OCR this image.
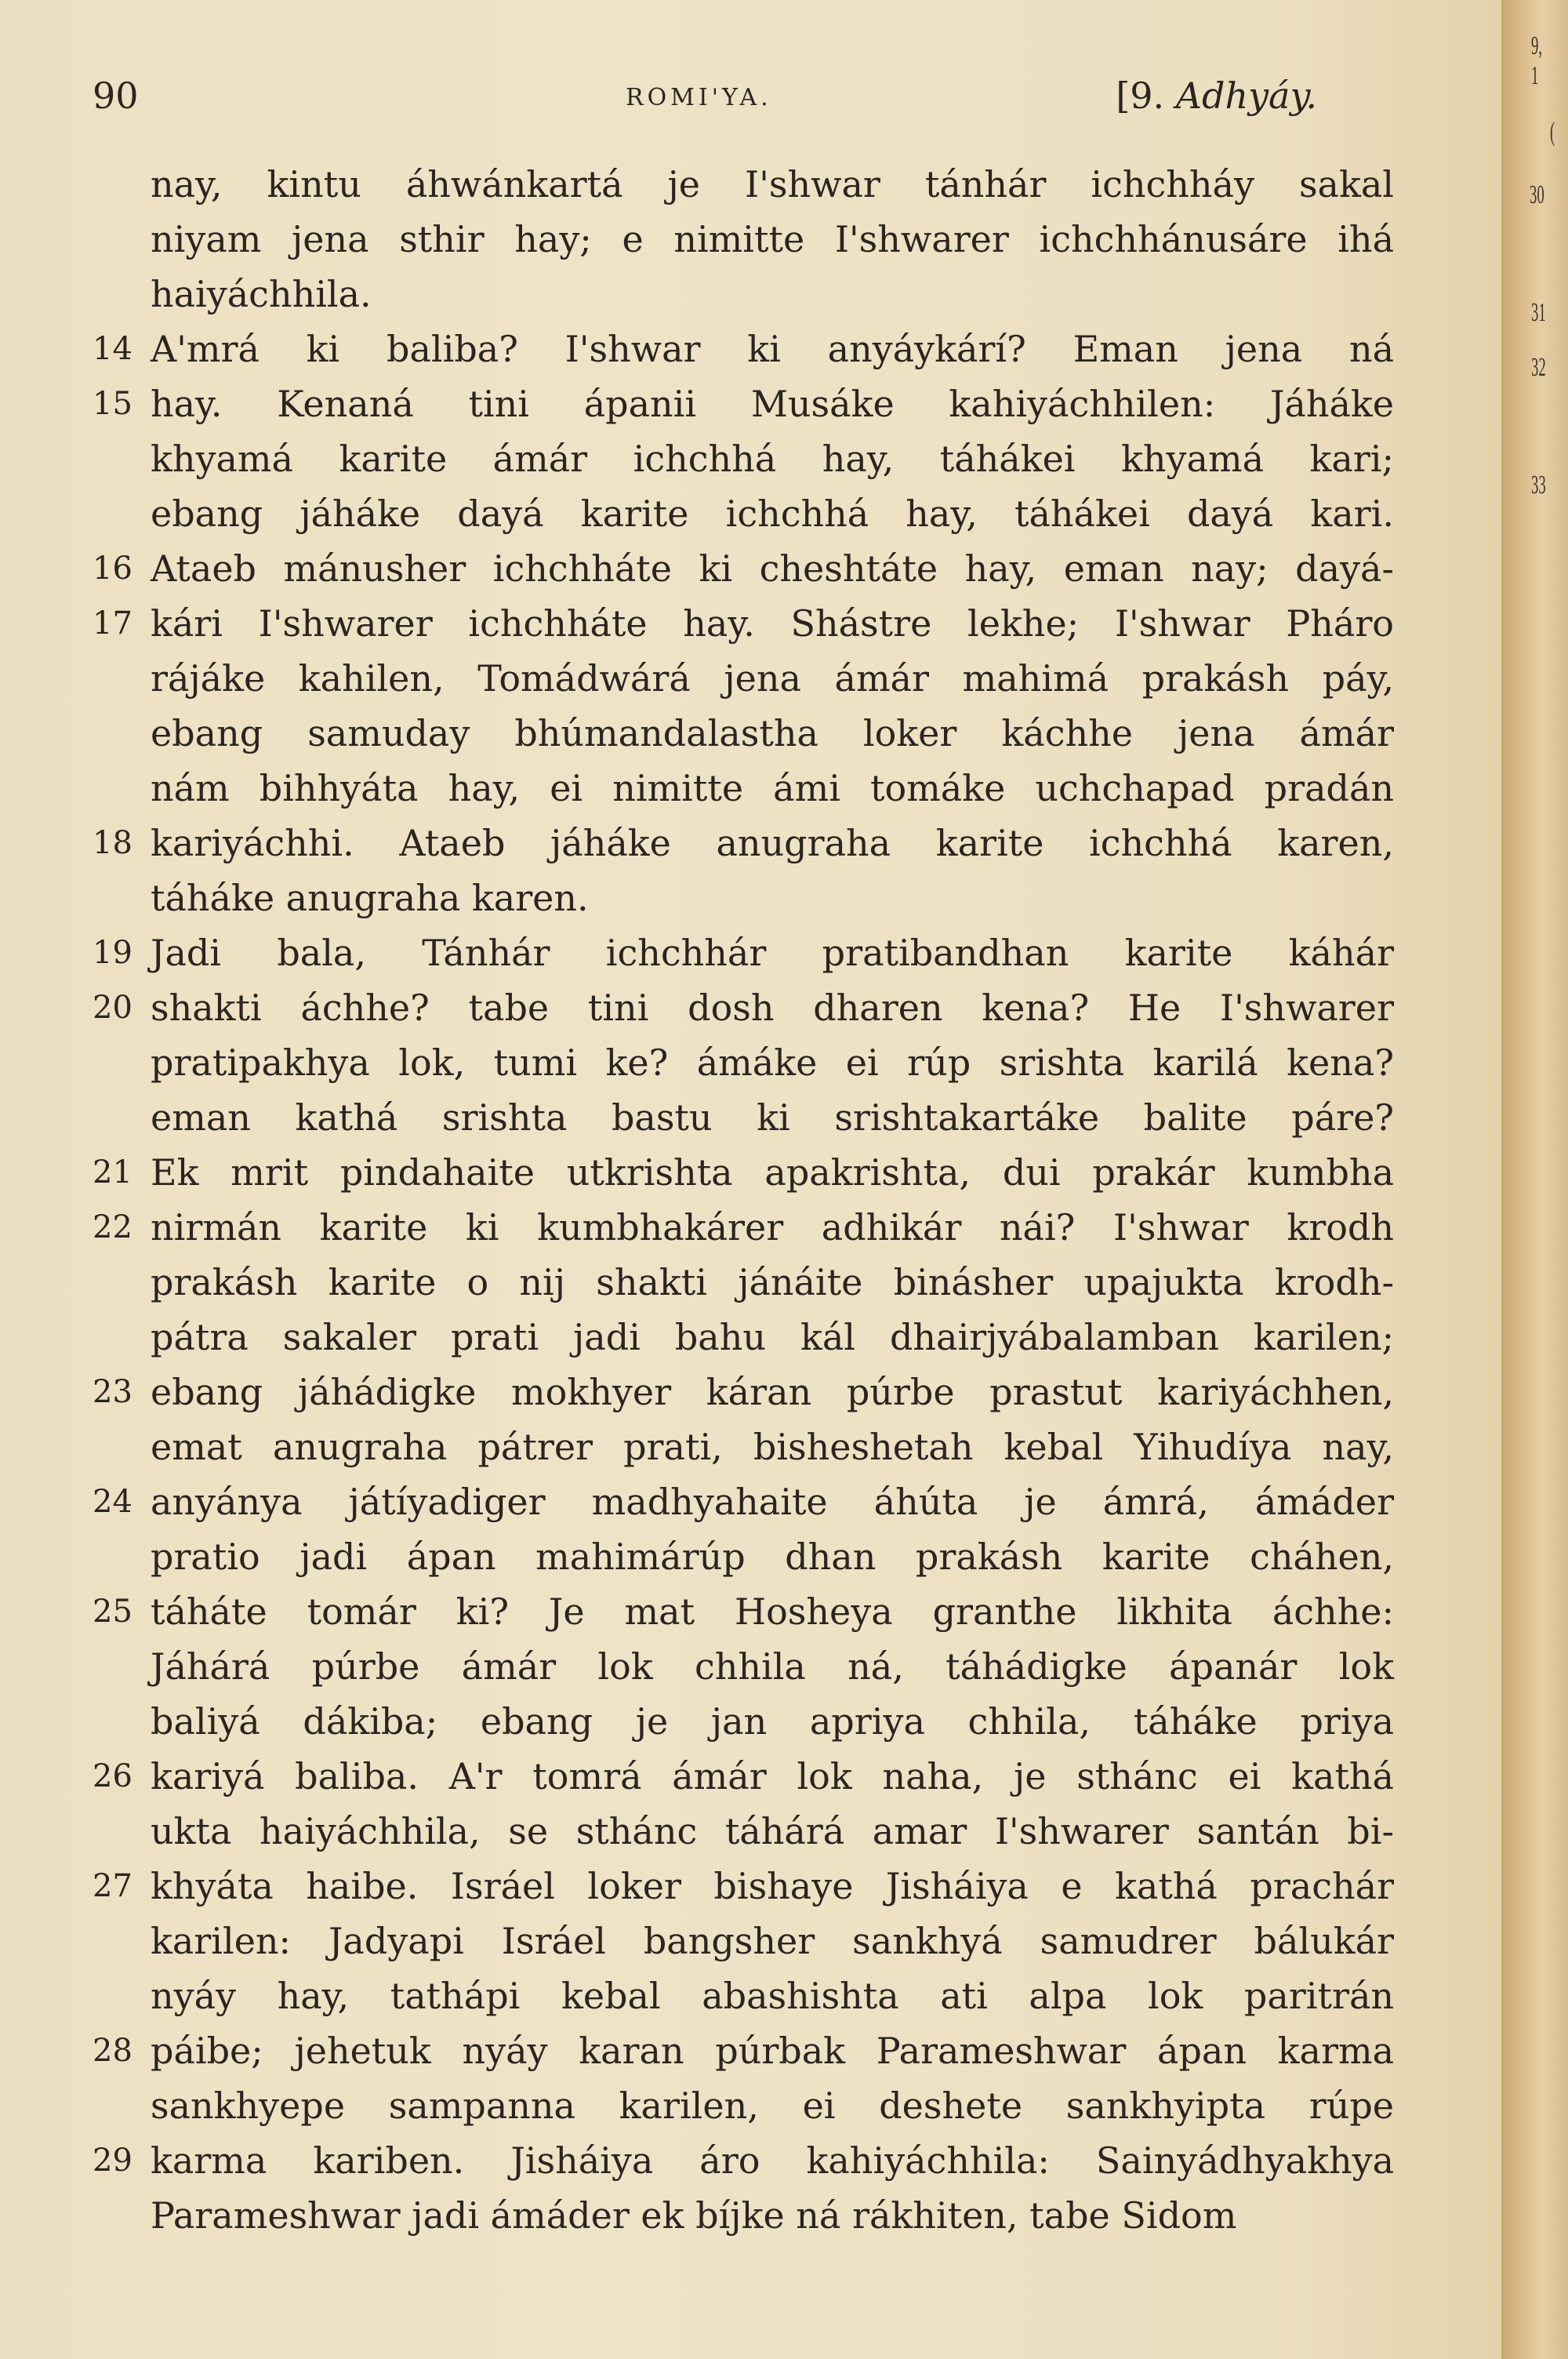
90	ROMI'YA.	[9. Adhyáy.
nay, kintu áhwánkartá je I'shwar tánhár ichchháy sakal
niyam jena sthir hay; e nimitte I'shwarer ichchhánusáre ihá
haiyáchhila.
14 A'mrá ki baliba? I'shwar ki anyáykárí? Eman jena ná
15 hay. Kenaná tini ápanii Musáke kahiyáchhilen: Jáháke
khyamá karite ámár ichchhá hay, táhákei khyamá kari;
ebang jáháke dayá karite ichchhá hay, táhákei dayá kari.
16 Ataeb mánusher ichchháte ki cheshtáte hay, eman nay; dayá-
17 kári I'shwarer ichchháte hay. Shástre lekhe; I'shwar Pháro
rájáke kahilen, Tomádwárá jena ámár mahimá prakásh páy,
ebang samuday bhúmandalastha loker káchhe jena ámár
nám bihhyáta hay, ei nimitte ámi tomáke uchchapad pradán
18 kariyáchhi. Ataeb jáháke anugraha karite ichchhá karen,
táháke anugraha karen.
19 Jadi bala, Tánhár ichchhár pratibandhan karite káhár
20 shakti áchhe? tabe tini dosh dharen kena? He I'shwarer
pratipakhya lok, tumi ke? ámáke ei rúp srishta karilá kena?
eman kathá srishta bastu ki srishtakartáke balite páre?
21 Ek mrit pindahaite utkrishta apakrishta, dui prakár kumbha
22 nirmán karite ki kumbhakárer adhikár nái? I'shwar krodh
prakásh karite o nij shakti jánáite binásher upajukta krodh-
pátra sakaler prati jadi bahu kál dhairjyábalamban karilen;
23 ebang jáhádigke mokhyer káran púrbe prastut kariyáchhen,
emat anugraha pátrer prati, bisheshetah kebal Yihudíya nay,
24 anyánya játíyadiger madhyahaite áhúta je ámrá, ámáder
pratio jadi ápan mahimárúp dhan prakásh karite cháhen,
25 táháte tomár ki? Je mat Hosheya granthe likhita áchhe:
Jáhárá púrbe ámár lok chhila ná, táhádigke ápanár lok
baliyá dákiba; ebang je jan apriya chhila, táháke priya
26 kariyá baliba. A'r tomrá ámár lok naha, je sthánc ei kathá
ukta haiyáchhila, se sthánc táhárá amar I'shwarer santán bi-
27 khyáta haibe. Isráel loker bishaye Jisháiya e kathá prachár
karilen: Jadyapi Isráel bangsher sankhyá samudrer bálukár
nyáy hay, tathápi kebal abashishta ati alpa lok paritrán
28 páibe; jehetuk nyáy karan púrbak Parameshwar ápan karma
sankhyepe sampanna karilen, ei deshete sankhyipta rúpe
29 karma kariben. Jisháiya áro kahiyáchhila: Sainyádhyakhya
Parameshwar jadi ámáder ek bíjke ná rákhiten, tabe Sidom
9, 1
(
30
31
32
33
